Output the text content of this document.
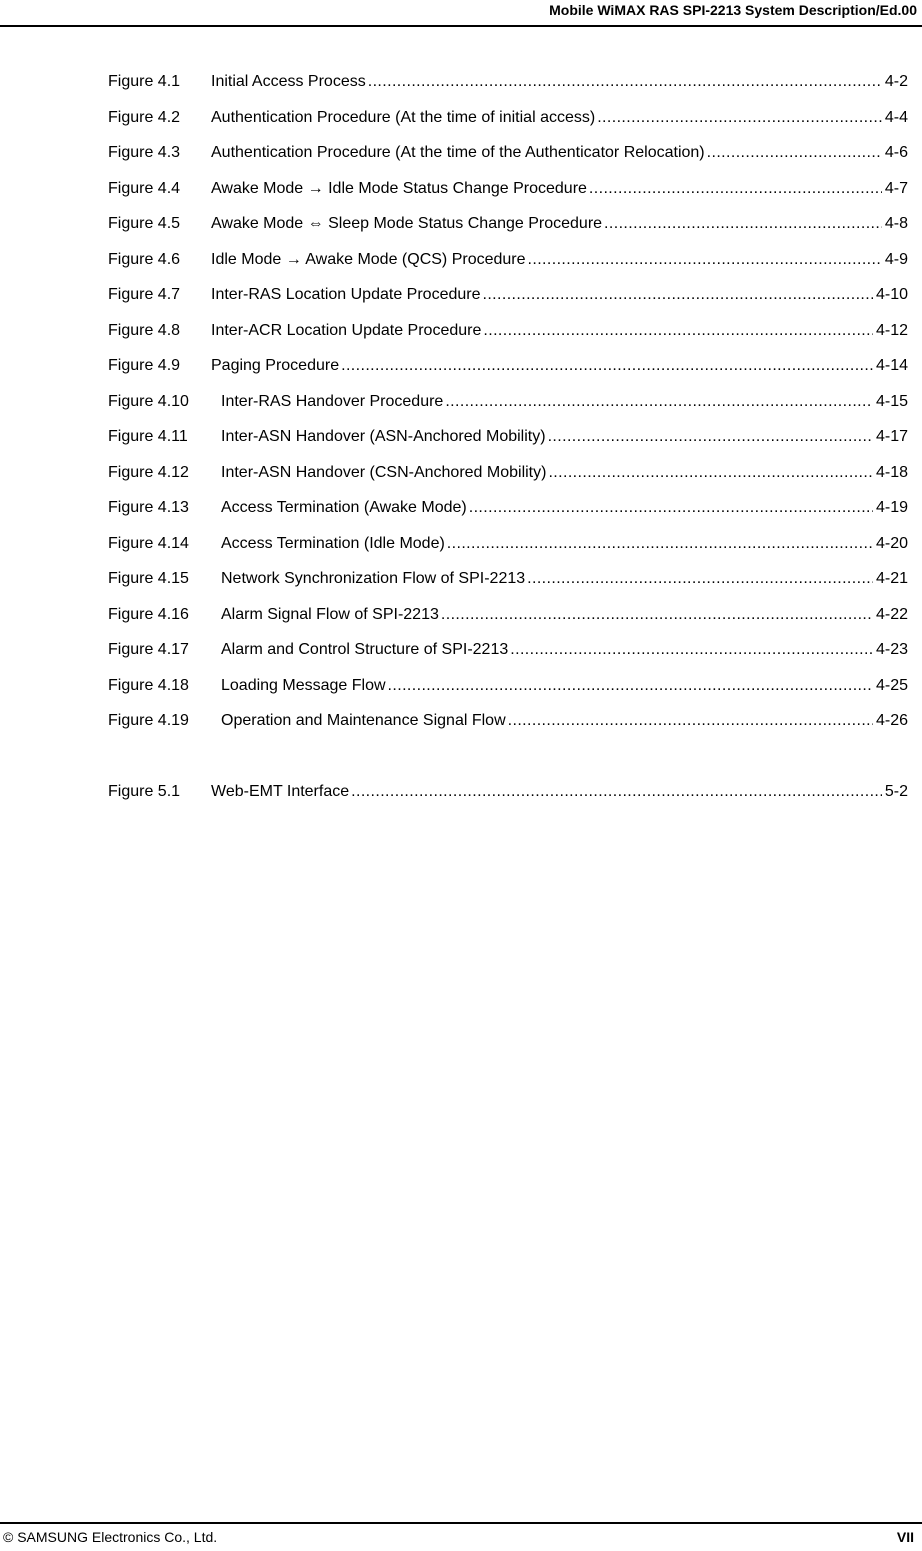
Mobile WiMAX RAS SPI-2213 System Description/Ed.00
Figure 4.1	Initial Access Process .....	4-2
Figure 4.2	Authentication Procedure (At the time of initial access) .....	4-4
Figure 4.3	Authentication Procedure (At the time of the Authenticator Relocation) .....	4-6
Figure 4.4	Awake Mode → Idle Mode Status Change Procedure .....	4-7
Figure 4.5	Awake Mode ⇔ Sleep Mode Status Change Procedure .....	4-8
Figure 4.6	Idle Mode → Awake Mode (QCS) Procedure .....	4-9
Figure 4.7	Inter-RAS Location Update Procedure .....	4-10
Figure 4.8	Inter-ACR Location Update Procedure .....	4-12
Figure 4.9	Paging Procedure .....	4-14
Figure 4.10	Inter-RAS Handover Procedure .....	4-15
Figure 4.11	Inter-ASN Handover (ASN-Anchored Mobility) .....	4-17
Figure 4.12	Inter-ASN Handover (CSN-Anchored Mobility) .....	4-18
Figure 4.13	Access Termination (Awake Mode) .....	4-19
Figure 4.14	Access Termination (Idle Mode) .....	4-20
Figure 4.15	Network Synchronization Flow of SPI-2213 .....	4-21
Figure 4.16	Alarm Signal Flow of SPI-2213 .....	4-22
Figure 4.17	Alarm and Control Structure of SPI-2213 .....	4-23
Figure 4.18	Loading Message Flow .....	4-25
Figure 4.19	Operation and Maintenance Signal Flow .....	4-26
Figure 5.1	Web-EMT Interface .....	5-2
© SAMSUNG Electronics Co., Ltd.	VII
